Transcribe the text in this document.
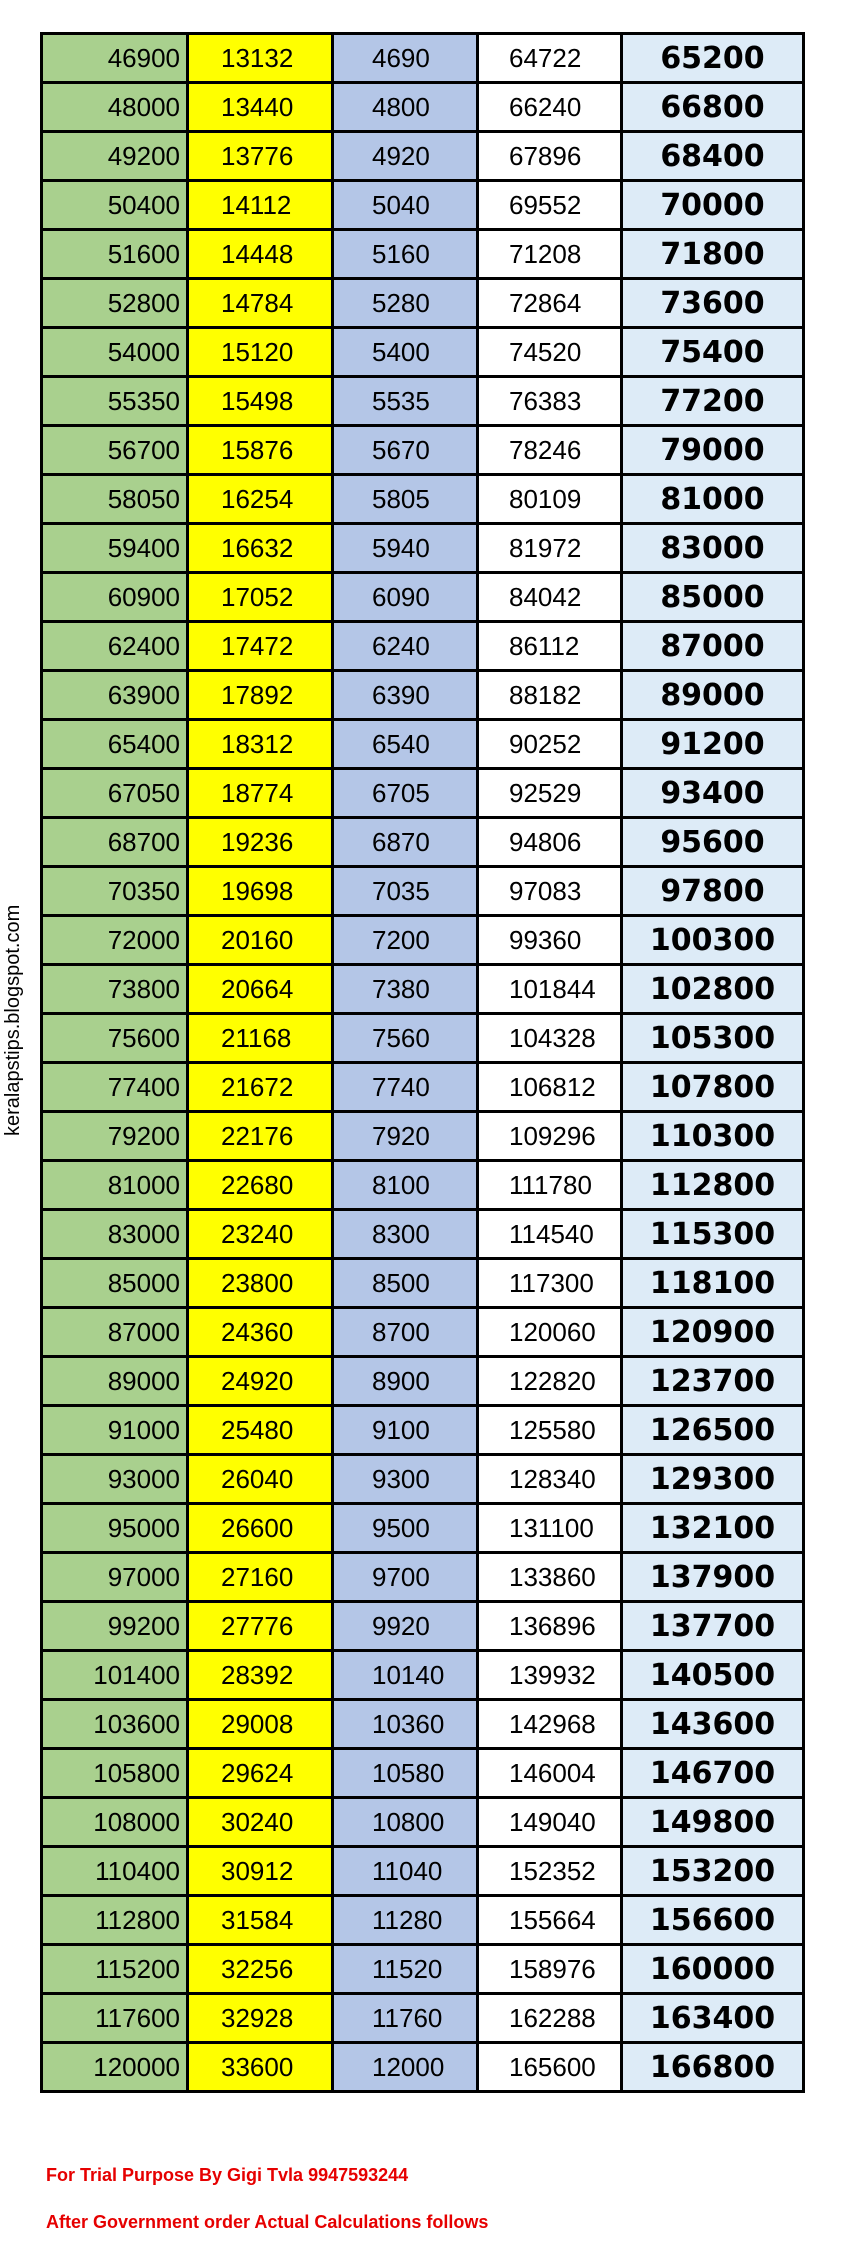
keralapstips.blogspot.com
46900	13132	4690	64722	65200
48000	13440	4800	66240	66800
49200	13776	4920	67896	68400
50400	14112	5040	69552	70000
51600	14448	5160	71208	71800
52800	14784	5280	72864	73600
54000	15120	5400	74520	75400
55350	15498	5535	76383	77200
56700	15876	5670	78246	79000
58050	16254	5805	80109	81000
59400	16632	5940	81972	83000
60900	17052	6090	84042	85000
62400	17472	6240	86112	87000
63900	17892	6390	88182	89000
65400	18312	6540	90252	91200
67050	18774	6705	92529	93400
68700	19236	6870	94806	95600
70350	19698	7035	97083	97800
72000	20160	7200	99360	100300
73800	20664	7380	101844	102800
75600	21168	7560	104328	105300
77400	21672	7740	106812	107800
79200	22176	7920	109296	110300
81000	22680	8100	111780	112800
83000	23240	8300	114540	115300
85000	23800	8500	117300	118100
87000	24360	8700	120060	120900
89000	24920	8900	122820	123700
91000	25480	9100	125580	126500
93000	26040	9300	128340	129300
95000	26600	9500	131100	132100
97000	27160	9700	133860	137900
99200	27776	9920	136896	137700
101400	28392	10140	139932	140500
103600	29008	10360	142968	143600
105800	29624	10580	146004	146700
108000	30240	10800	149040	149800
110400	30912	11040	152352	153200
112800	31584	11280	155664	156600
115200	32256	11520	158976	160000
117600	32928	11760	162288	163400
120000	33600	12000	165600	166800
For Trial Purpose By Gigi Tvla 9947593244
After Government order Actual Calculations follows
